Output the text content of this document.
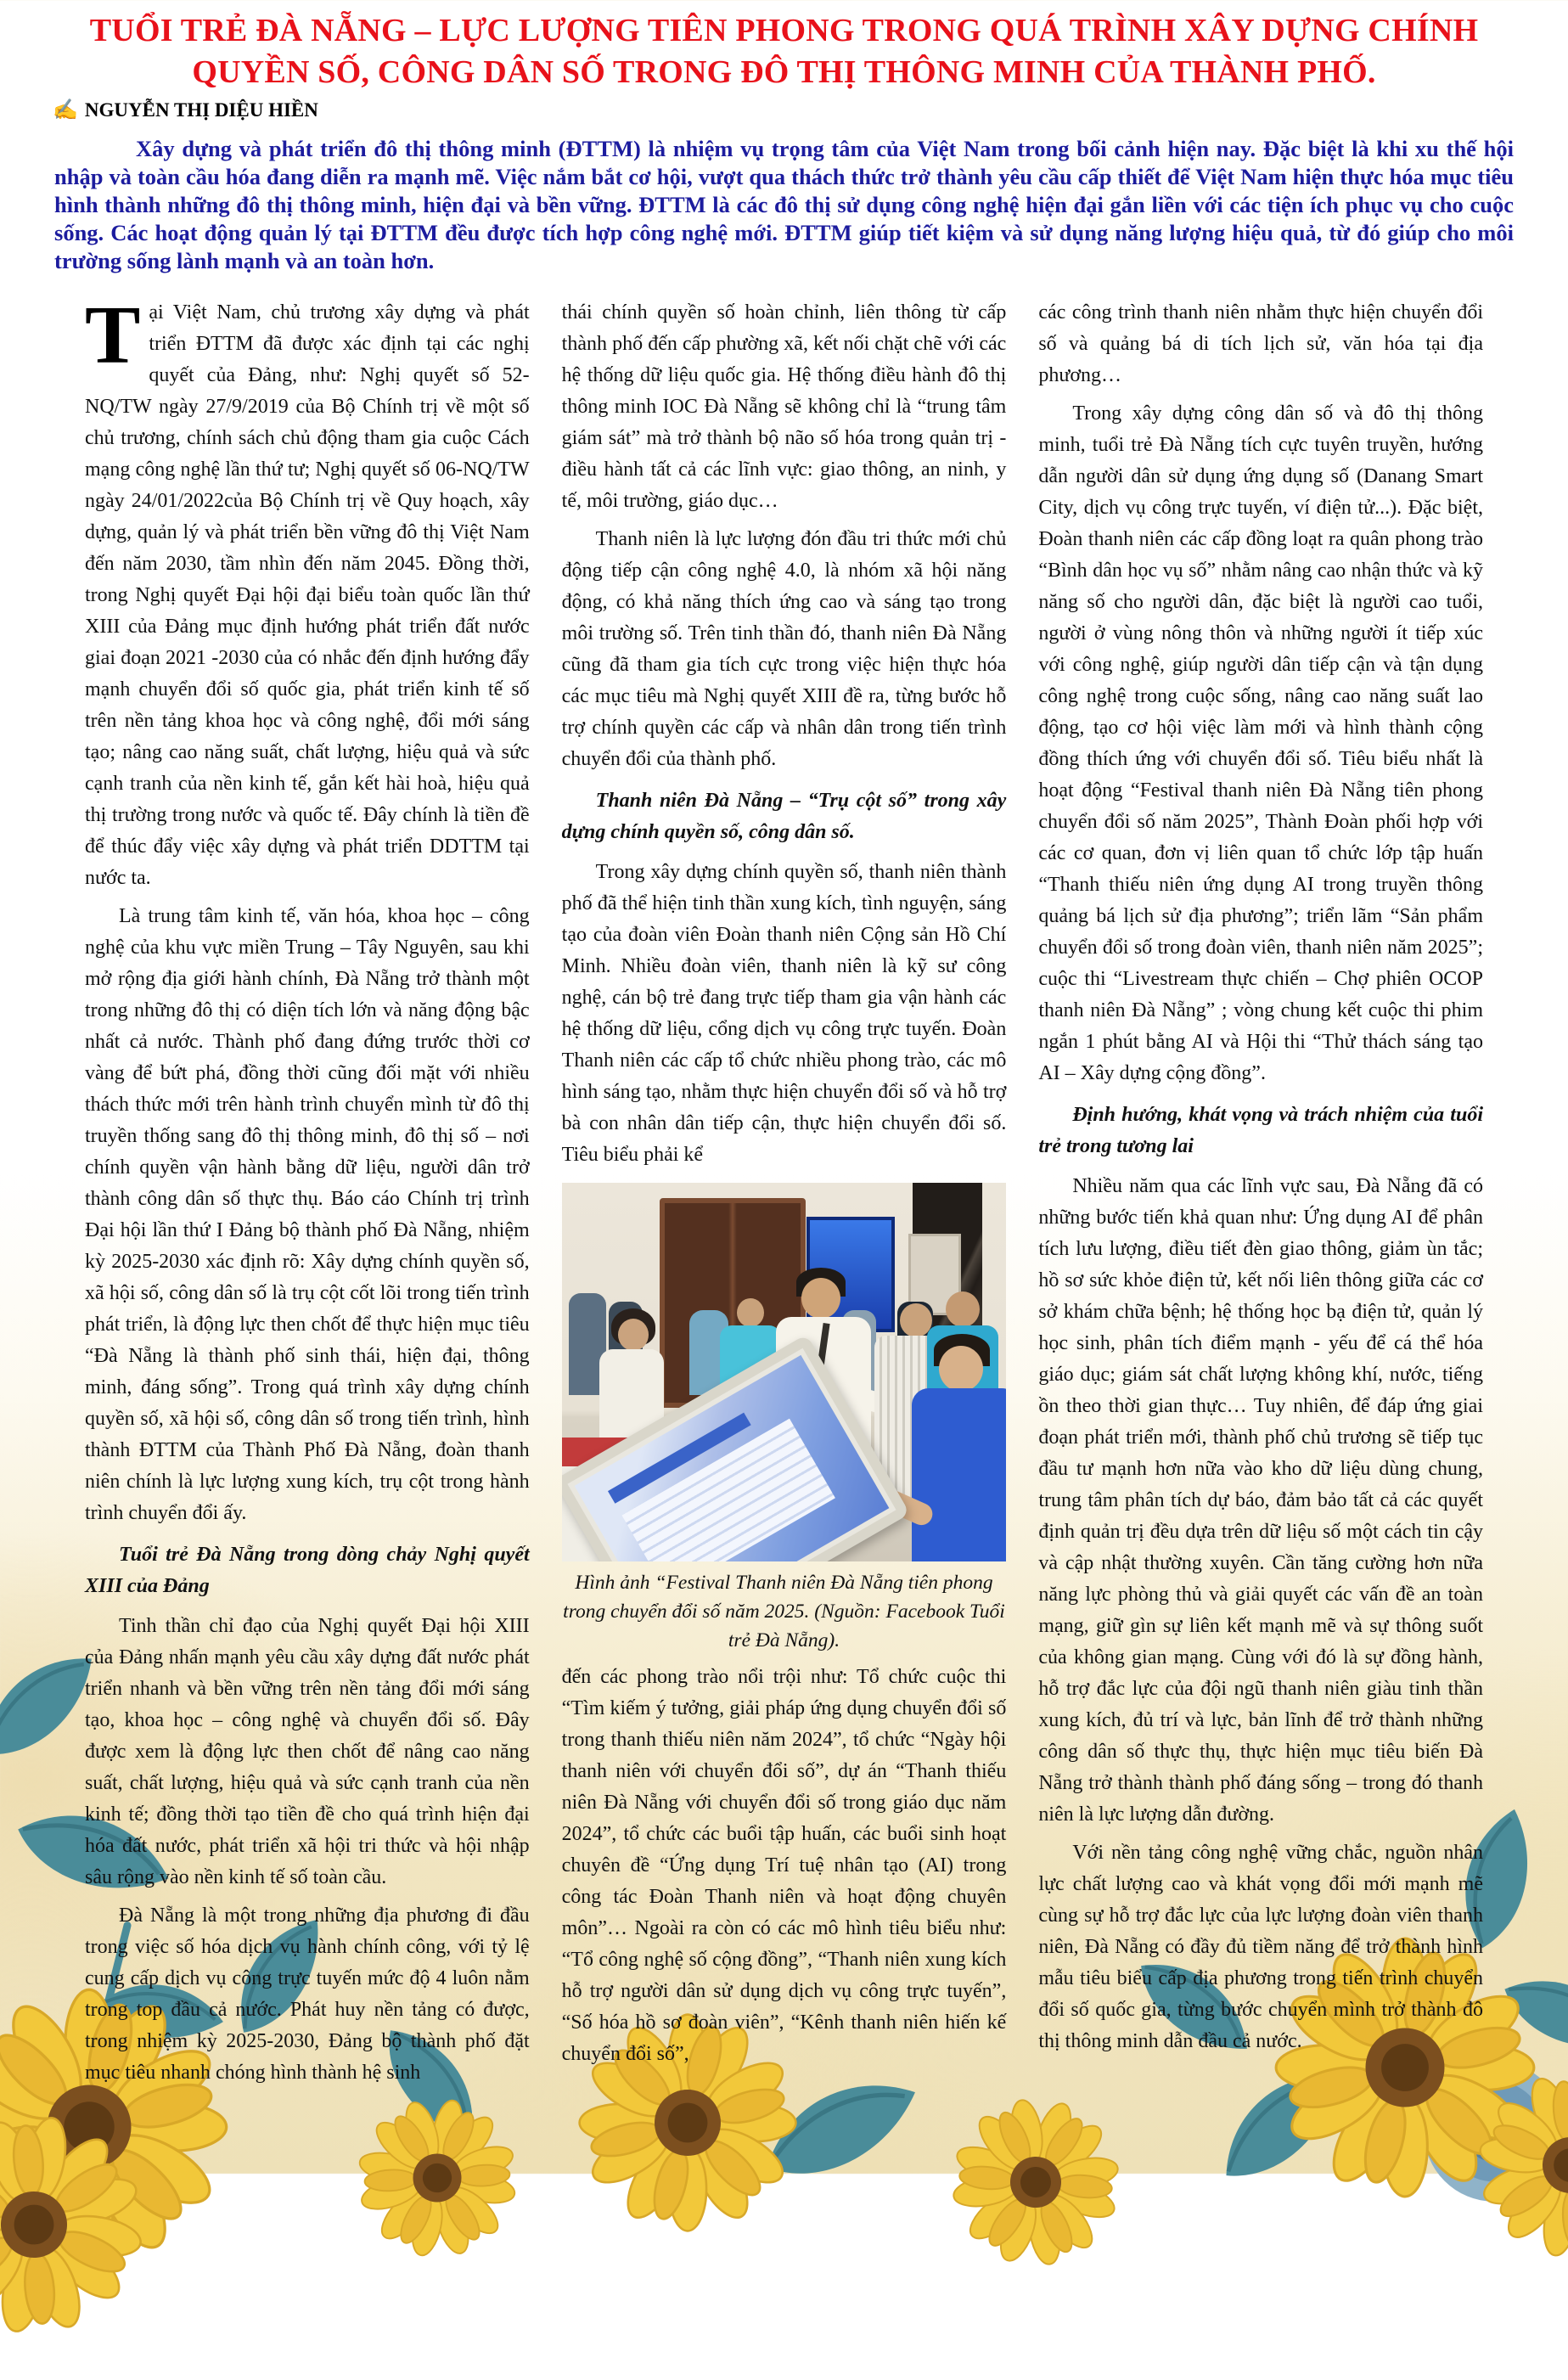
TUỔI TRẺ ĐÀ NẴNG – LỰC LƯỢNG TIÊN PHONG TRONG QUÁ TRÌNH XÂY DỰNG CHÍNH QUYỀN SỐ, CÔNG DÂN SỐ TRONG ĐÔ THỊ THÔNG MINH CỦA THÀNH PHỐ.
✍ NGUYỄN THỊ DIỆU HIỀN
Xây dựng và phát triển đô thị thông minh (ĐTTM) là nhiệm vụ trọng tâm của Việt Nam trong bối cảnh hiện nay. Đặc biệt là khi xu thế hội nhập và toàn cầu hóa đang diễn ra mạnh mẽ. Việc nắm bắt cơ hội, vượt qua thách thức trở thành yêu cầu cấp thiết để Việt Nam hiện thực hóa mục tiêu hình thành những đô thị thông minh, hiện đại và bền vững. ĐTTM là các đô thị sử dụng công nghệ hiện đại gắn liền với các tiện ích phục vụ cho cuộc sống. Các hoạt động quản lý tại ĐTTM đều được tích hợp công nghệ mới. ĐTTM giúp tiết kiệm và sử dụng năng lượng hiệu quả, từ đó giúp cho môi trường sống lành mạnh và an toàn hơn.

Tại Việt Nam, chủ trương xây dựng và phát triển ĐTTM đã được xác định tại các nghị quyết của Đảng, như: Nghị quyết số 52-NQ/TW ngày 27/9/2019 của Bộ Chính trị về một số chủ trương, chính sách chủ động tham gia cuộc Cách mạng công nghệ lần thứ tư; Nghị quyết số 06-NQ/TW ngày 24/01/2022của Bộ Chính trị về Quy hoạch, xây dựng, quản lý và phát triển bền vững đô thị Việt Nam đến năm 2030, tầm nhìn đến năm 2045. Đồng thời, trong Nghị quyết Đại hội đại biểu toàn quốc lần thứ XIII của Đảng mục định hướng phát triển đất nước giai đoạn 2021 -2030 của có nhắc đến định hướng đẩy mạnh chuyển đổi số quốc gia, phát triển kinh tế số trên nền tảng khoa học và công nghệ, đổi mới sáng tạo; nâng cao năng suất, chất lượng, hiệu quả và sức cạnh tranh của nền kinh tế, gắn kết hài hoà, hiệu quả thị trường trong nước và quốc tế. Đây chính là tiền đề để thúc đẩy việc xây dựng và phát triển DDTTM tại nước ta.

Là trung tâm kinh tế, văn hóa, khoa học – công nghệ của khu vực miền Trung – Tây Nguyên, sau khi mở rộng địa giới hành chính, Đà Nẵng trở thành một trong những đô thị có diện tích lớn và năng động bậc nhất cả nước. Thành phố đang đứng trước thời cơ vàng để bứt phá, đồng thời cũng đối mặt với nhiều thách thức mới trên hành trình chuyển mình từ đô thị truyền thống sang đô thị thông minh, đô thị số – nơi chính quyền vận hành bằng dữ liệu, người dân trở thành công dân số thực thụ. Báo cáo Chính trị trình Đại hội lần thứ I Đảng bộ thành phố Đà Nẵng, nhiệm kỳ 2025-2030 xác định rõ: Xây dựng chính quyền số, xã hội số, công dân số là trụ cột cốt lõi trong tiến trình phát triển, là động lực then chốt để thực hiện mục tiêu “Đà Nẵng là thành phố sinh thái, hiện đại, thông minh, đáng sống”. Trong quá trình xây dựng chính quyền số, xã hội số, công dân số trong tiến trình, hình thành ĐTTM của Thành Phố Đà Nẵng, đoàn thanh niên chính là lực lượng xung kích, trụ cột trong hành trình chuyển đổi ấy.

Tuổi trẻ Đà Nẵng trong dòng chảy Nghị quyết XIII của Đảng

Tinh thần chỉ đạo của Nghị quyết Đại hội XIII của Đảng nhấn mạnh yêu cầu xây dựng đất nước phát triển nhanh và bền vững trên nền tảng đổi mới sáng tạo, khoa học – công nghệ và chuyển đổi số. Đây được xem là động lực then chốt để nâng cao năng suất, chất lượng, hiệu quả và sức cạnh tranh của nền kinh tế; đồng thời tạo tiền đề cho quá trình hiện đại hóa đất nước, phát triển xã hội tri thức và hội nhập sâu rộng vào nền kinh tế số toàn cầu.

Đà Nẵng là một trong những địa phương đi đầu trong việc số hóa dịch vụ hành chính công, với tỷ lệ cung cấp dịch vụ công trực tuyến mức độ 4 luôn nằm trong top đầu cả nước. Phát huy nền tảng có được, trong nhiệm kỳ 2025-2030, Đảng bộ thành phố đặt mục tiêu nhanh chóng hình thành hệ sinh

thái chính quyền số hoàn chỉnh, liên thông từ cấp thành phố đến cấp phường xã, kết nối chặt chẽ với các hệ thống dữ liệu quốc gia. Hệ thống điều hành đô thị thông minh IOC Đà Nẵng sẽ không chỉ là “trung tâm giám sát” mà trở thành bộ não số hóa trong quản trị - điều hành tất cả các lĩnh vực: giao thông, an ninh, y tế, môi trường, giáo dục…

Thanh niên là lực lượng đón đầu tri thức mới chủ động tiếp cận công nghệ 4.0, là nhóm xã hội năng động, có khả năng thích ứng cao và sáng tạo trong môi trường số. Trên tinh thần đó, thanh niên Đà Nẵng cũng đã tham gia tích cực trong việc hiện thực hóa các mục tiêu mà Nghị quyết XIII đề ra, từng bước hỗ trợ chính quyền các cấp và nhân dân trong tiến trình chuyển đổi của thành phố.

Thanh niên Đà Nẵng – “Trụ cột số” trong xây dựng chính quyền số, công dân số.

Trong xây dựng chính quyền số, thanh niên thành phố đã thể hiện tinh thần xung kích, tình nguyện, sáng tạo của đoàn viên Đoàn thanh niên Cộng sản Hồ Chí Minh. Nhiều đoàn viên, thanh niên là kỹ sư công nghệ, cán bộ trẻ đang trực tiếp tham gia vận hành các hệ thống dữ liệu, cổng dịch vụ công trực tuyến. Đoàn Thanh niên các cấp tổ chức nhiều phong trào, các mô hình sáng tạo, nhằm thực hiện chuyển đổi số và hỗ trợ bà con nhân dân tiếp cận, thực hiện chuyển đổi số. Tiêu biểu phải kể

Hình ảnh “Festival Thanh niên Đà Nẵng tiên phong trong chuyển đổi số năm 2025. (Nguồn: Facebook Tuổi trẻ Đà Nẵng).

đến các phong trào nổi trội như: Tổ chức cuộc thi “Tìm kiếm ý tưởng, giải pháp ứng dụng chuyển đổi số trong thanh thiếu niên năm 2024”, tổ chức “Ngày hội thanh niên với chuyển đổi số”, dự án “Thanh thiếu niên Đà Nẵng với chuyển đổi số trong giáo dục năm 2024”, tổ chức các buổi tập huấn, các buổi sinh hoạt chuyên đề “Ứng dụng Trí tuệ nhân tạo (AI) trong công tác Đoàn Thanh niên và hoạt động chuyên môn”… Ngoài ra còn có các mô hình tiêu biểu như: “Tổ công nghệ số cộng đồng”, “Thanh niên xung kích hỗ trợ người dân sử dụng dịch vụ công trực tuyến”, “Số hóa hồ sơ đoàn viên”, “Kênh thanh niên hiến kế chuyển đổi số”,

các công trình thanh niên nhằm thực hiện chuyển đổi số và quảng bá di tích lịch sử, văn hóa tại địa phương…

Trong xây dựng công dân số và đô thị thông minh, tuổi trẻ Đà Nẵng tích cực tuyên truyền, hướng dẫn người dân sử dụng ứng dụng số (Danang Smart City, dịch vụ công trực tuyến, ví điện tử...). Đặc biệt, Đoàn thanh niên các cấp đồng loạt ra quân phong trào “Bình dân học vụ số” nhằm nâng cao nhận thức và kỹ năng số cho người dân, đặc biệt là người cao tuổi, người ở vùng nông thôn và những người ít tiếp xúc với công nghệ, giúp người dân tiếp cận và tận dụng công nghệ trong cuộc sống, nâng cao năng suất lao động, tạo cơ hội việc làm mới và hình thành cộng đồng thích ứng với chuyển đổi số. Tiêu biểu nhất là hoạt động “Festival thanh niên Đà Nẵng tiên phong chuyển đổi số năm 2025”, Thành Đoàn phối hợp với các cơ quan, đơn vị liên quan tổ chức lớp tập huấn “Thanh thiếu niên ứng dụng AI trong truyền thông quảng bá lịch sử địa phương”; triển lãm “Sản phẩm chuyển đổi số trong đoàn viên, thanh niên năm 2025”; cuộc thi “Livestream thực chiến – Chợ phiên OCOP thanh niên Đà Nẵng” ; vòng chung kết cuộc thi phim ngắn 1 phút bằng AI và Hội thi “Thử thách sáng tạo AI – Xây dựng cộng đồng”.

Định hướng, khát vọng và trách nhiệm của tuổi trẻ trong tương lai

Nhiều năm qua các lĩnh vực sau, Đà Nẵng đã có những bước tiến khả quan như: Ứng dụng AI để phân tích lưu lượng, điều tiết đèn giao thông, giảm ùn tắc; hồ sơ sức khỏe điện tử, kết nối liên thông giữa các cơ sở khám chữa bệnh; hệ thống học bạ điện tử, quản lý học sinh, phân tích điểm mạnh - yếu để cá thể hóa giáo dục; giám sát chất lượng không khí, nước, tiếng ồn theo thời gian thực… Tuy nhiên, để đáp ứng giai đoạn phát triển mới, thành phố chủ trương sẽ tiếp tục đầu tư mạnh hơn nữa vào kho dữ liệu dùng chung, trung tâm phân tích dự báo, đảm bảo tất cả các quyết định quản trị đều dựa trên dữ liệu số một cách tin cậy và cập nhật thường xuyên. Cần tăng cường hơn nữa năng lực phòng thủ và giải quyết các vấn đề an toàn mạng, giữ gìn sự liên kết mạnh mẽ và sự thông suốt của không gian mạng. Cùng với đó là sự đồng hành, hỗ trợ đắc lực của đội ngũ thanh niên giàu tinh thần xung kích, đủ trí và lực, bản lĩnh để trở thành những công dân số thực thụ, thực hiện mục tiêu biến Đà Nẵng trở thành thành phố đáng sống – trong đó thanh niên là lực lượng dẫn đường.

Với nền tảng công nghệ vững chắc, nguồn nhân lực chất lượng cao và khát vọng đổi mới mạnh mẽ cùng sự hỗ trợ đắc lực của lực lượng đoàn viên thanh niên, Đà Nẵng có đầy đủ tiềm năng để trở thành hình mẫu tiêu biểu cấp địa phương trong tiến trình chuyển đổi số quốc gia, từng bước chuyển mình trở thành đô thị thông minh dẫn đầu cả nước.
